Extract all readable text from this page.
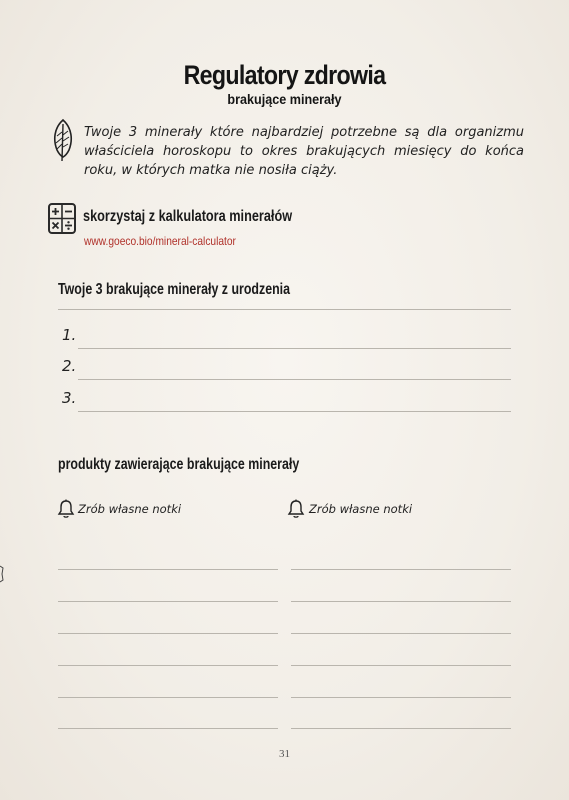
Regulatory zdrowia
brakujące minerały
Twoje 3 minerały które najbardziej potrzebne są dla organizmu właściciela horoskopu to okres brakujących miesięcy do końca roku, w których matka nie nosiła ciąży.
skorzystaj z kalkulatora minerałów
www.goeco.bio/mineral-calculator
Twoje 3 brakujące minerały z urodzenia
1.
2.
3.
produkty zawierające brakujące minerały
Zrób własne notki	Zrób własne notki
31
